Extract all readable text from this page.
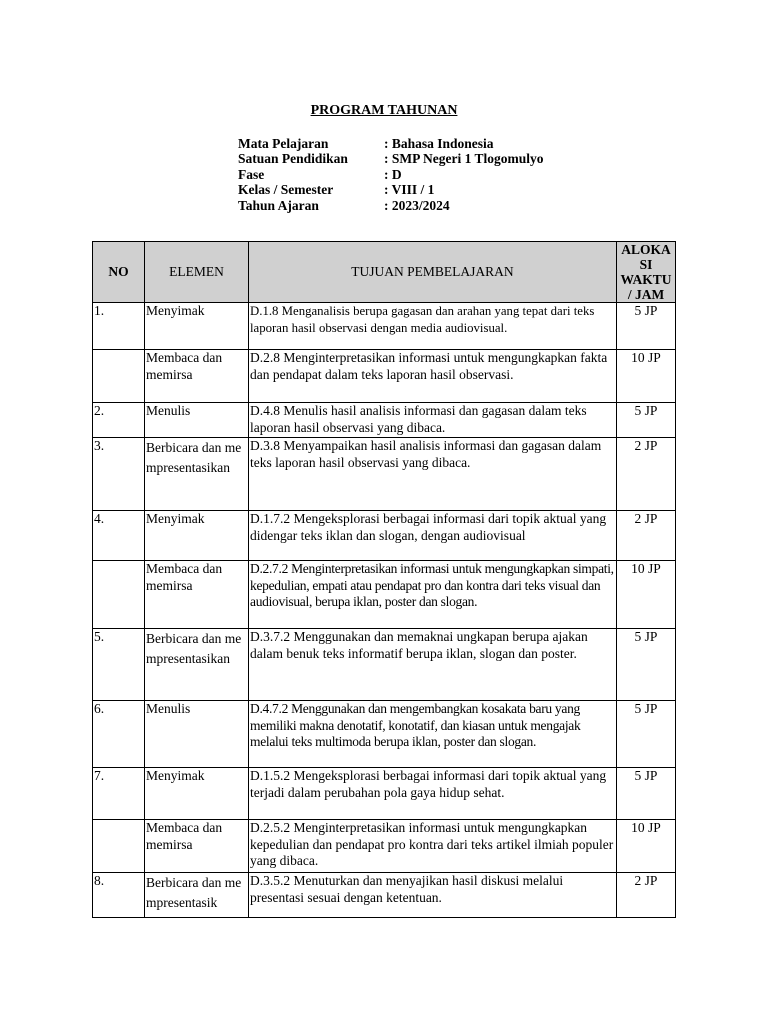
PROGRAM TAHUNAN
Mata Pelajaran	: Bahasa Indonesia
Satuan Pendidikan	: SMP Negeri 1 Tlogomulyo
Fase	: D
Kelas / Semester	: VIII / 1
Tahun Ajaran	: 2023/2024
NO	ELEMEN	TUJUAN PEMBELAJARAN	ALOKA
SI
WAKTU
/ JAM
1.	Menyimak	D.1.8 Menganalisis berupa gagasan dan arahan yang tepat dari teks laporan hasil observasi dengan media audiovisual.	5 JP
	Membaca dan memirsa	D.2.8 Menginterpretasikan informasi untuk mengungkapkan fakta dan pendapat dalam teks laporan hasil observasi.	10 JP
2.	Menulis	D.4.8 Menulis hasil analisis informasi dan gagasan dalam teks laporan hasil observasi yang dibaca.	5 JP
3.	Berbicara dan mempresentasikan	D.3.8 Menyampaikan hasil analisis informasi dan gagasan dalam teks laporan hasil observasi yang dibaca.	2 JP
4.	Menyimak	D.1.7.2 Mengeksplorasi berbagai informasi dari topik aktual yang didengar teks iklan dan slogan, dengan audiovisual	2 JP
	Membaca dan memirsa	D.2.7.2 Menginterpretasikan informasi untuk mengungkapkan simpati, kepedulian, empati atau pendapat pro dan kontra dari teks visual dan audiovisual, berupa iklan, poster dan slogan.	10 JP
5.	Berbicara dan mempresentasikan	D.3.7.2 Menggunakan dan memaknai ungkapan berupa ajakan dalam benuk teks informatif berupa iklan, slogan dan poster.	5 JP
6.	Menulis	D.4.7.2 Menggunakan dan mengembangkan kosakata baru yang memiliki makna denotatif, konotatif, dan kiasan untuk mengajak melalui teks multimoda berupa iklan, poster dan slogan.	5 JP
7.	Menyimak	D.1.5.2 Mengeksplorasi berbagai informasi dari topik aktual yang terjadi dalam perubahan pola gaya hidup sehat.	5 JP
	Membaca dan memirsa	D.2.5.2 Menginterpretasikan informasi untuk mengungkapkan kepedulian dan pendapat pro kontra dari teks artikel ilmiah populer yang dibaca.	10 JP
8.	Berbicara dan mempresentasik	D.3.5.2 Menuturkan dan menyajikan hasil diskusi melalui presentasi sesuai dengan ketentuan.	2 JP
